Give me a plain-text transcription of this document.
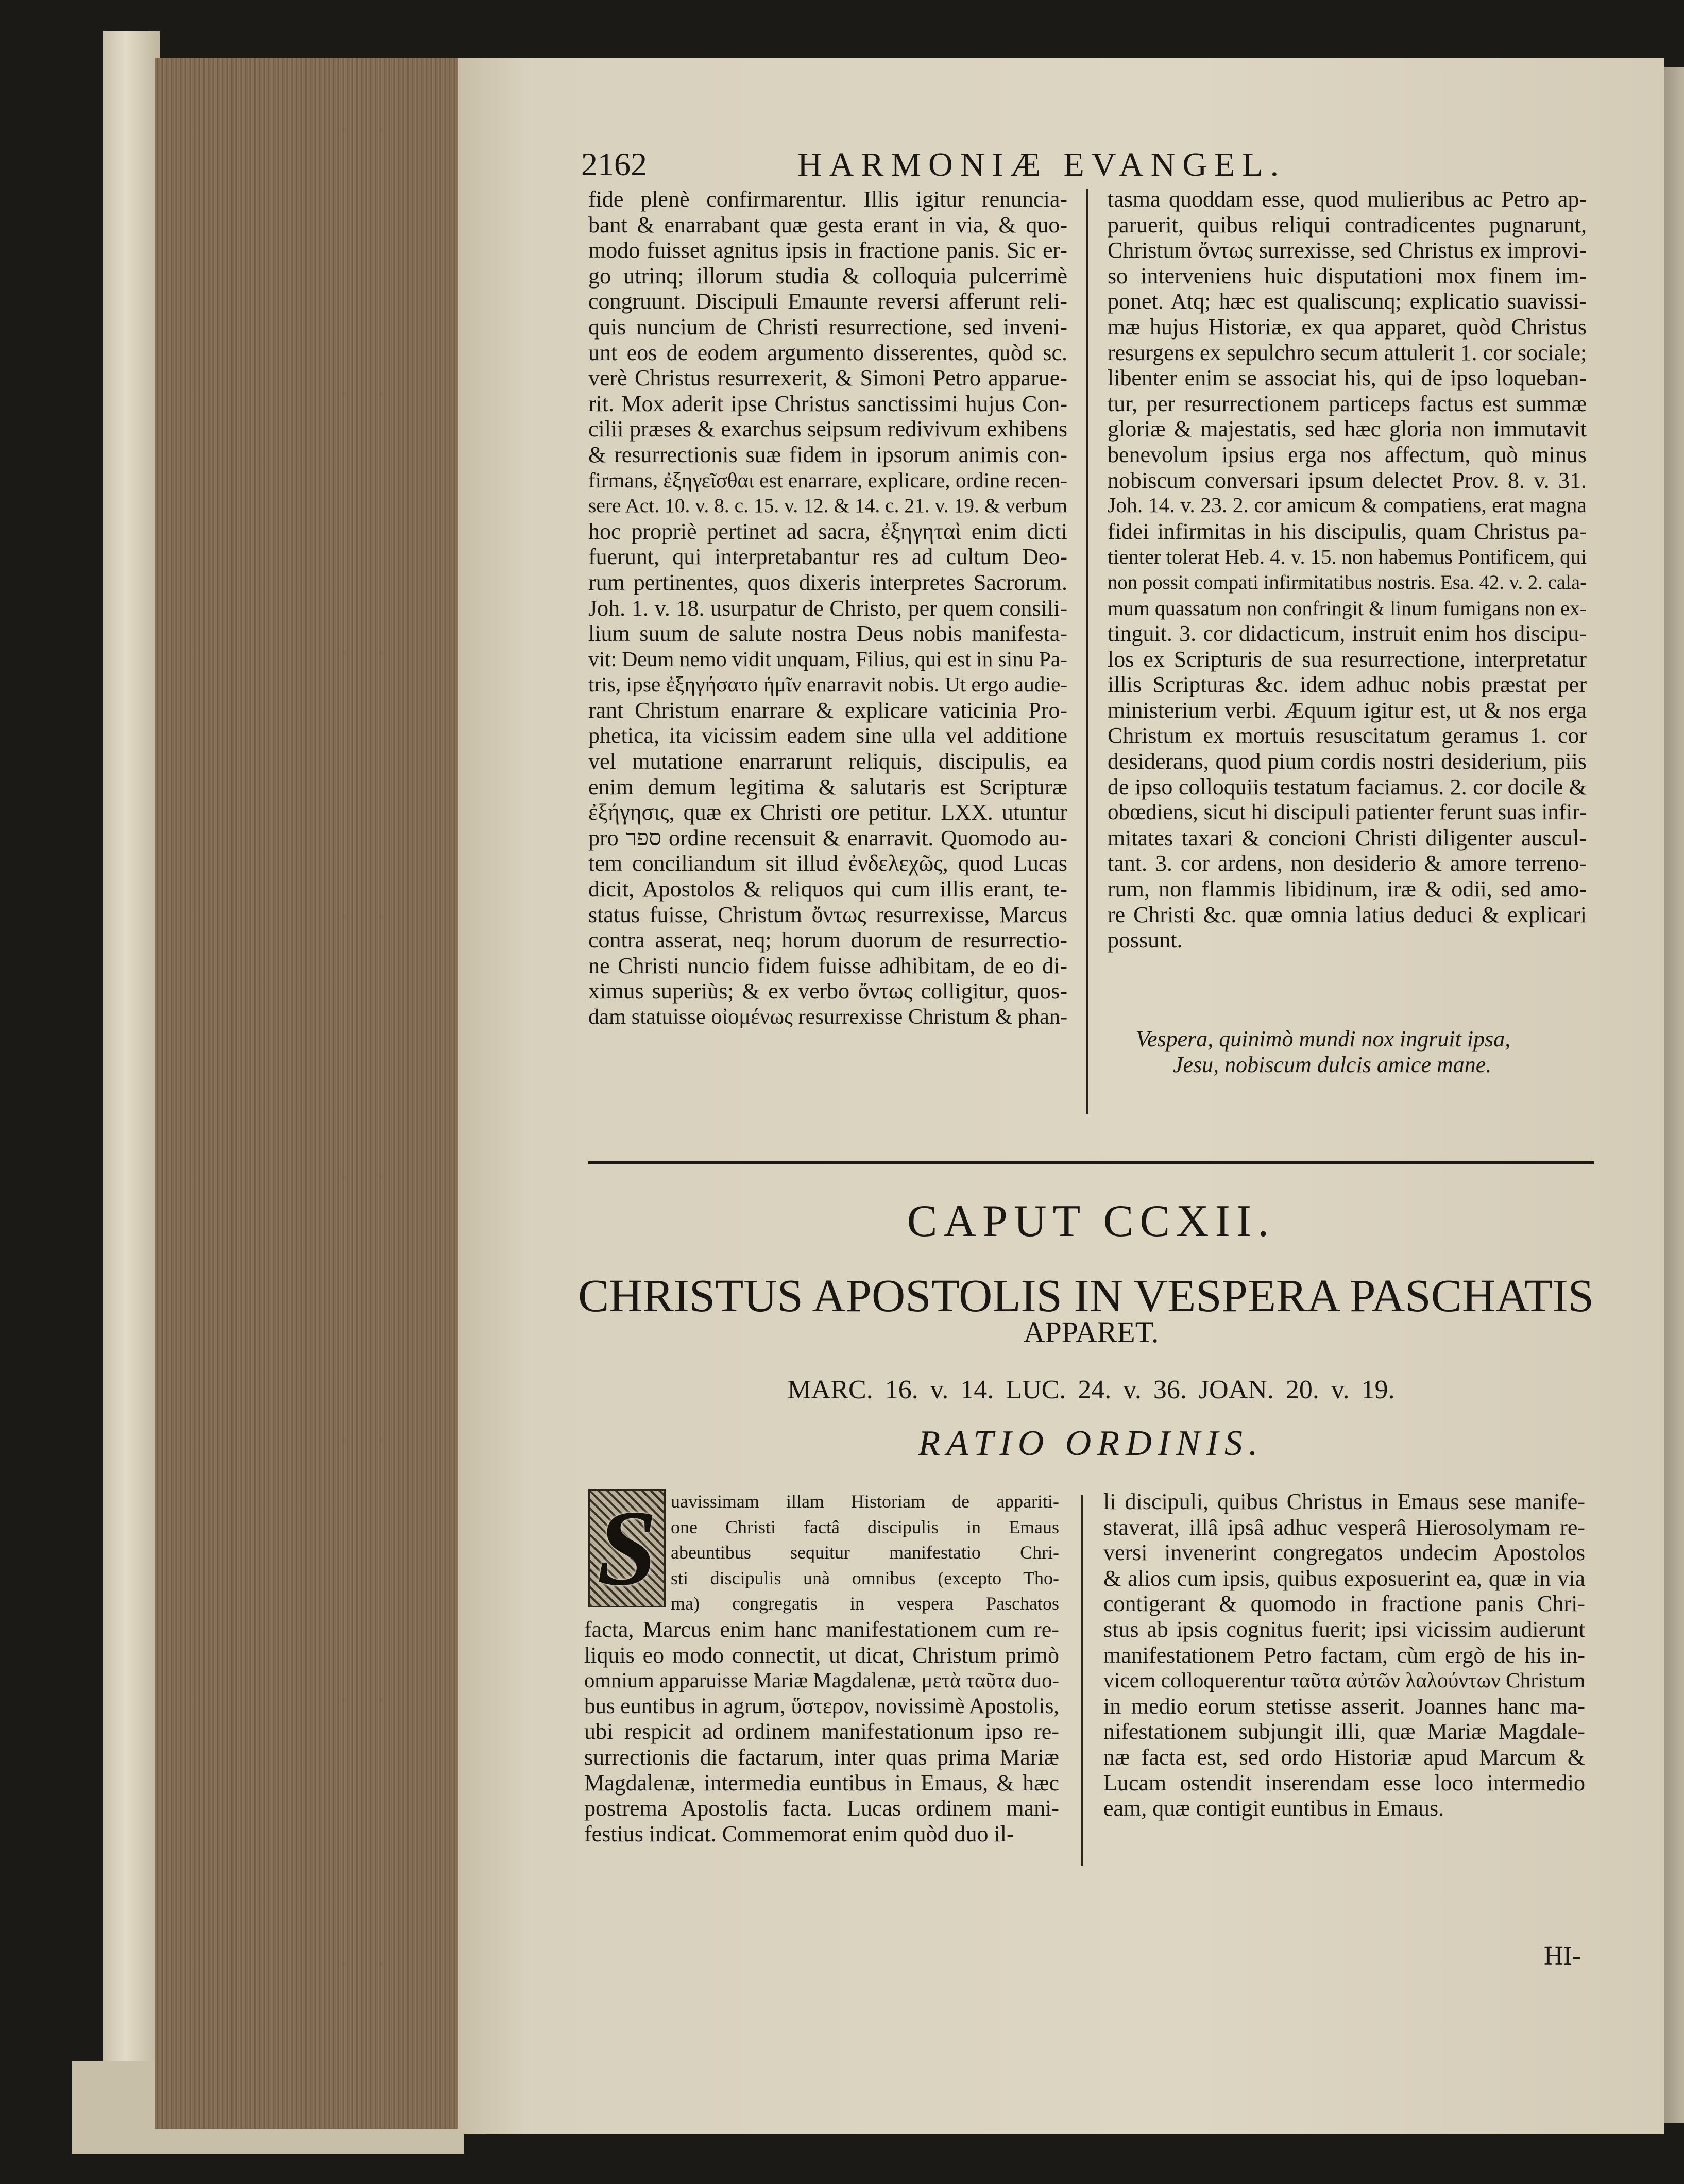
2162	HARMONIÆ EVANGEL.
fide plenè confirmarentur. Illis igitur renuncia-
bant & enarrabant quæ gesta erant in via, & quo-
modo fuisset agnitus ipsis in fractione panis. Sic er-
go utrinq; illorum studia & colloquia pulcerrimè
congruunt. Discipuli Emaunte reversi afferunt reli-
quis nuncium de Christi resurrectione, sed inveni-
unt eos de eodem argumento disserentes, quòd sc.
verè Christus resurrexerit, & Simoni Petro apparue-
rit. Mox aderit ipse Christus sanctissimi hujus Con-
cilii præses & exarchus seipsum redivivum exhibens
& resurrectionis suæ fidem in ipsorum animis con-
firmans, ἐξηγεῖσθαι est enarrare, explicare, ordine recen-
sere Act. 10. v. 8. c. 15. v. 12. & 14. c. 21. v. 19. & verbum
hoc propriè pertinet ad sacra, ἐξηγηταὶ enim dicti
fuerunt, qui interpretabantur res ad cultum Deo-
rum pertinentes, quos dixeris interpretes Sacrorum.
Joh. 1. v. 18. usurpatur de Christo, per quem consili-
lium suum de salute nostra Deus nobis manifesta-
vit: Deum nemo vidit unquam, Filius, qui est in sinu Pa-
tris, ipse ἐξηγήσατο ἡμῖν enarravit nobis. Ut ergo audie-
rant Christum enarrare & explicare vaticinia Pro-
phetica, ita vicissim eadem sine ulla vel additione
vel mutatione enarrarunt reliquis, discipulis, ea
enim demum legitima & salutaris est Scripturæ
ἐξήγησις, quæ ex Christi ore petitur. LXX. utuntur
pro ספר ordine recensuit & enarravit. Quomodo au-
tem conciliandum sit illud ἐνδελεχῶς, quod Lucas
dicit, Apostolos & reliquos qui cum illis erant, te-
status fuisse, Christum ὄντως resurrexisse, Marcus
contra asserat, neq; horum duorum de resurrectio-
ne Christi nuncio fidem fuisse adhibitam, de eo di-
ximus superiùs; & ex verbo ὄντως colligitur, quos-
dam statuisse οἰομένως resurrexisse Christum & phan-
tasma quoddam esse, quod mulieribus ac Petro ap-
paruerit, quibus reliqui contradicentes pugnarunt,
Christum ὄντως surrexisse, sed Christus ex improvi-
so interveniens huic disputationi mox finem im-
ponet. Atq; hæc est qualiscunq; explicatio suavissi-
mæ hujus Historiæ, ex qua apparet, quòd Christus
resurgens ex sepulchro secum attulerit 1. cor sociale;
libenter enim se associat his, qui de ipso loqueban-
tur, per resurrectionem particeps factus est summæ
gloriæ & majestatis, sed hæc gloria non immutavit
benevolum ipsius erga nos affectum, quò minus
nobiscum conversari ipsum delectet Prov. 8. v. 31.
Joh. 14. v. 23. 2. cor amicum & compatiens, erat magna
fidei infirmitas in his discipulis, quam Christus pa-
tienter tolerat Heb. 4. v. 15. non habemus Pontificem, qui
non possit compati infirmitatibus nostris. Esa. 42. v. 2. cala-
mum quassatum non confringit & linum fumigans non ex-
tinguit. 3. cor didacticum, instruit enim hos discipu-
los ex Scripturis de sua resurrectione, interpretatur
illis Scripturas &c. idem adhuc nobis præstat per
ministerium verbi. Æquum igitur est, ut & nos erga
Christum ex mortuis resuscitatum geramus 1. cor
desiderans, quod pium cordis nostri desiderium, piis
de ipso colloquiis testatum faciamus. 2. cor docile &
obœdiens, sicut hi discipuli patienter ferunt suas infir-
mitates taxari & concioni Christi diligenter auscul-
tant. 3. cor ardens, non desiderio & amore terreno-
rum, non flammis libidinum, iræ & odii, sed amo-
re Christi &c. quæ omnia latius deduci & explicari
possunt.
Vespera, quinimò mundi nox ingruit ipsa,
Jesu, nobiscum dulcis amice mane.
CAPUT CCXII.
CHRISTUS APOSTOLIS IN VESPERA PASCHATIS
APPARET.
MARC. 16. v. 14. LUC. 24. v. 36. JOAN. 20. v. 19.
RATIO ORDINIS.
S uavissimam illam Historiam de appariti-
one Christi factâ discipulis in Emaus
abeuntibus sequitur manifestatio Chri-
sti discipulis unà omnibus (excepto Tho-
ma) congregatis in vespera Paschatos
facta, Marcus enim hanc manifestationem cum re-
liquis eo modo connectit, ut dicat, Christum primò
omnium apparuisse Mariæ Magdalenæ, μετὰ ταῦτα duo-
bus euntibus in agrum, ὕστερον, novissimè Apostolis,
ubi respicit ad ordinem manifestationum ipso re-
surrectionis die factarum, inter quas prima Mariæ
Magdalenæ, intermedia euntibus in Emaus, & hæc
postrema Apostolis facta. Lucas ordinem mani-
festius indicat. Commemorat enim quòd duo il-
li discipuli, quibus Christus in Emaus sese manife-
staverat, illâ ipsâ adhuc vesperâ Hierosolymam re-
versi invenerint congregatos undecim Apostolos
& alios cum ipsis, quibus exposuerint ea, quæ in via
contigerant & quomodo in fractione panis Chri-
stus ab ipsis cognitus fuerit; ipsi vicissim audierunt
manifestationem Petro factam, cùm ergò de his in-
vicem colloquerentur ταῦτα αὐτῶν λαλούντων Christum
in medio eorum stetisse asserit. Joannes hanc ma-
nifestationem subjungit illi, quæ Mariæ Magdale-
næ facta est, sed ordo Historiæ apud Marcum &
Lucam ostendit inserendam esse loco intermedio
eam, quæ contigit euntibus in Emaus.
HI-
